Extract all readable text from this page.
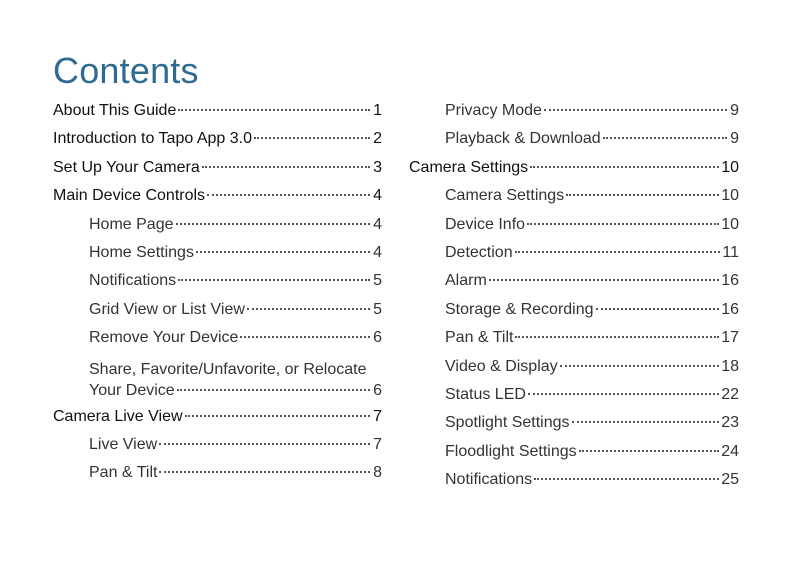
Contents
About This Guide	1
Introduction to Tapo App 3.0	2
Set Up Your Camera	3
Main Device Controls	4
Home Page	4
Home Settings	4
Notifications	5
Grid View or List View	5
Remove Your Device	6
Share, Favorite/Unfavorite, or Relocate
Your Device	6
Camera Live View	7
Live View	7
Pan & Tilt	8
Privacy Mode	9
Playback & Download	9
Camera Settings	10
Camera Settings	10
Device Info	10
Detection	11
Alarm	16
Storage & Recording	16
Pan & Tilt	17
Video & Display	18
Status LED	22
Spotlight Settings	23
Floodlight Settings	24
Notifications	25
